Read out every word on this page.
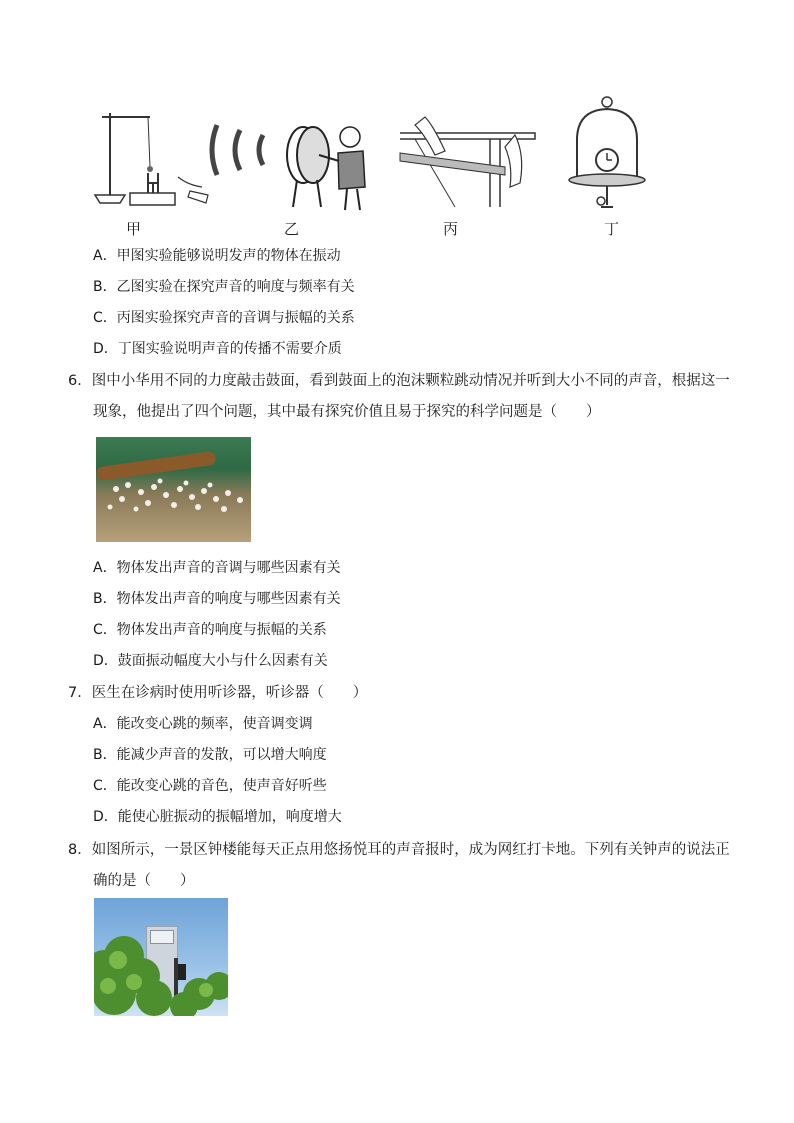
甲	乙	丙	丁
A．甲图实验能够说明发声的物体在振动
B．乙图实验在探究声音的响度与频率有关
C．丙图实验探究声音的音调与振幅的关系
D．丁图实验说明声音的传播不需要介质
6．图中小华用不同的力度敲击鼓面，看到鼓面上的泡沫颗粒跳动情况并听到大小不同的声音，根据这一
现象，他提出了四个问题，其中最有探究价值且易于探究的科学问题是（　　）
A．物体发出声音的音调与哪些因素有关
B．物体发出声音的响度与哪些因素有关
C．物体发出声音的响度与振幅的关系
D．鼓面振动幅度大小与什么因素有关
7．医生在诊病时使用听诊器，听诊器（　　）
A．能改变心跳的频率，使音调变调
B．能减少声音的发散，可以增大响度
C．能改变心跳的音色，使声音好听些
D．能使心脏振动的振幅增加，响度增大
8．如图所示，一景区钟楼能每天正点用悠扬悦耳的声音报时，成为网红打卡地。下列有关钟声的说法正
确的是（　　）
